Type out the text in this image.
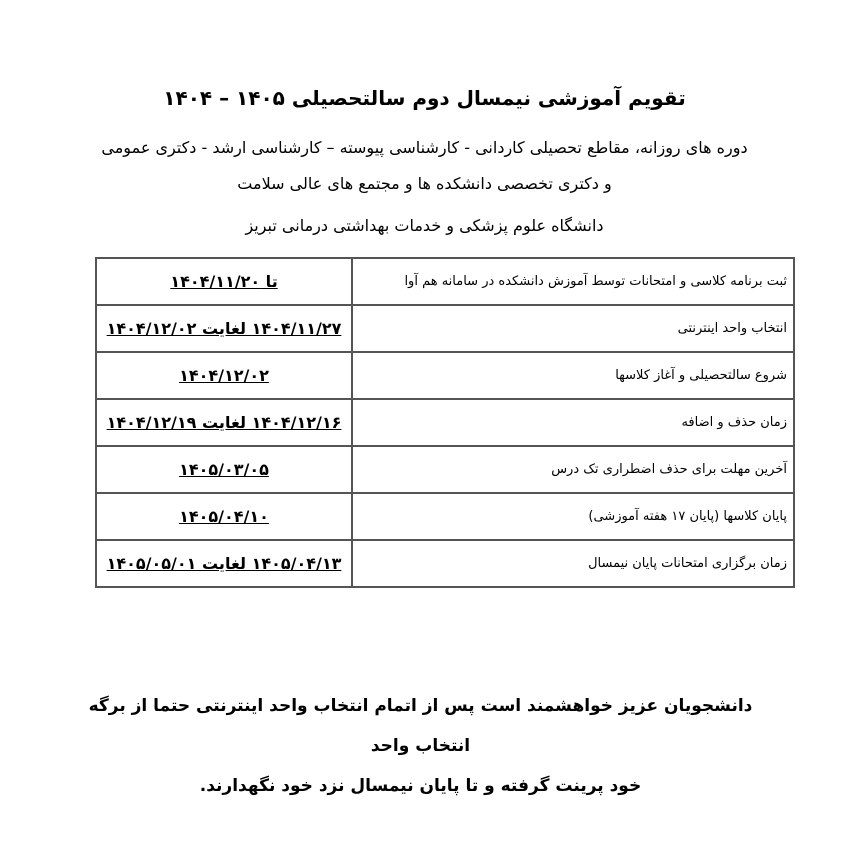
تقویم آموزشی نیمسال دوم سالتحصیلی ۱۴۰۵ – ۱۴۰۴
دوره های روزانه، مقاطع تحصیلی کاردانی - کارشناسی پیوسته – کارشناسی ارشد - دکتری عمومی
و دکتری تخصصی دانشکده ها و مجتمع های عالی سلامت
دانشگاه علوم پزشکی و خدمات بهداشتی درمانی تبریز
ثبت برنامه کلاسی و امتحانات توسط آموزش دانشکده در سامانه هم آوا	تا ۱۴۰۴/۱۱/۲۰
انتخاب واحد اینترنتی	۱۴۰۴/۱۱/۲۷ لغایت ۱۴۰۴/۱۲/۰۲
شروع سالتحصیلی و آغاز کلاسها	۱۴۰۴/۱۲/۰۲
زمان حذف و اضافه	۱۴۰۴/۱۲/۱۶ لغایت ۱۴۰۴/۱۲/۱۹
آخرین مهلت برای حذف اضطراری تک درس	۱۴۰۵/۰۳/۰۵
پایان کلاسها (پایان ۱۷ هفته آموزشی)	۱۴۰۵/۰۴/۱۰
زمان برگزاری امتحانات پایان نیمسال	۱۴۰۵/۰۴/۱۳ لغایت ۱۴۰۵/۰۵/۰۱
دانشجویان عزیز خواهشمند است پس از اتمام انتخاب واحد اینترنتی حتما از برگه انتخاب واحد
خود پرینت گرفته و تا پایان نیمسال نزد خود نگهدارند.
